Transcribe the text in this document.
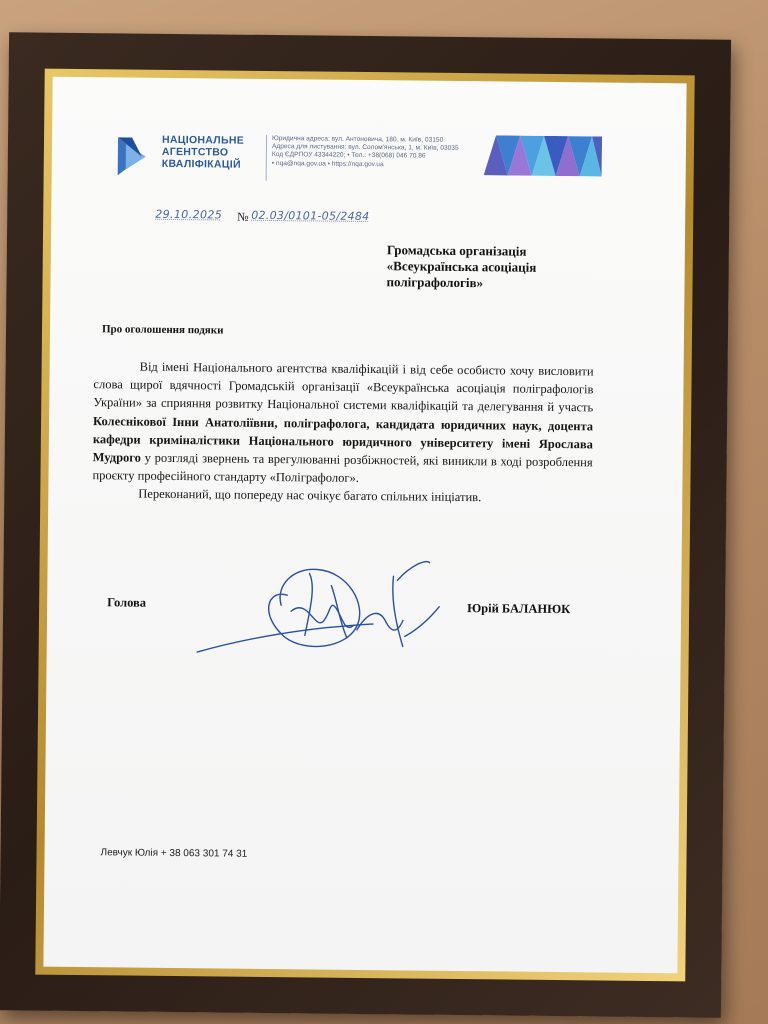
НАЦІОНАЛЬНЕ
АГЕНТСТВО
КВАЛІФІКАЦІЙ
Юридична адреса: вул. Антоновича, 180, м. Київ, 03150
Адреса для листування: вул. Солом'янська, 1, м. Київ, 03035
Код ЄДРПОУ 43344220; • Тел.: +38(068) 046 70 86
• nqa@nqa.gov.ua • https://nqa.gov.ua
29.10.2025 № 02.03/0101-05/2484
Громадська організація
«Всеукраїнська асоціація
поліграфологів»
Про оголошення подяки

Від імені Національного агентства кваліфікацій і від себе особисто хочу висловити слова щирої вдячності Громадській організації «Всеукраїнська асоціація поліграфологів України» за сприяння розвитку Національної системи кваліфікацій та делегування й участь Колеснікової Інни Анатоліївни, поліграфолога, кандидата юридичних наук, доцента кафедри криміналістики Національного юридичного університету імені Ярослава Мудрого у розгляді звернень та врегулюванні розбіжностей, які виникли в ході розроблення проєкту професійного стандарту «Поліграфолог».

Переконаний, що попереду нас очікує багато спільних ініціатив.

Голова	Юрій БАЛАНЮК
Левчук Юлія + 38 063 301 74 31
